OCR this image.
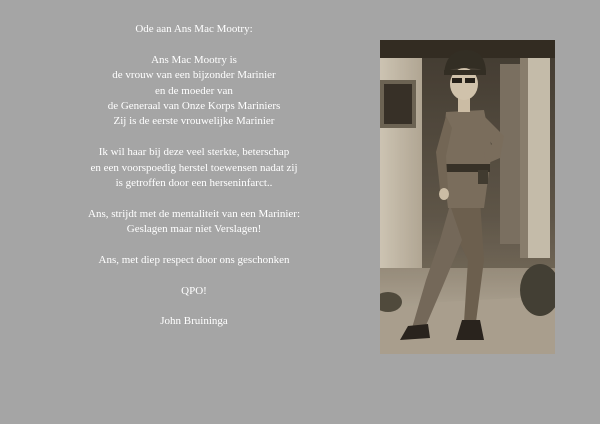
Ode aan Ans Mac Mootry:
Ans Mac Mootry is
de vrouw van een bijzonder Marinier
en de moeder van
de Generaal van Onze Korps Mariniers
Zij is de eerste vrouwelijke Marinier
Ik wil haar bij deze veel sterkte, beterschap
en een voorspoedig herstel toewensen nadat zij
is getroffen door een herseninfarct..
Ans, strijdt met de mentaliteit van een Marinier:
Geslagen maar niet Verslagen!
Ans, met diep respect door ons geschonken
QPO!
John Bruininga
